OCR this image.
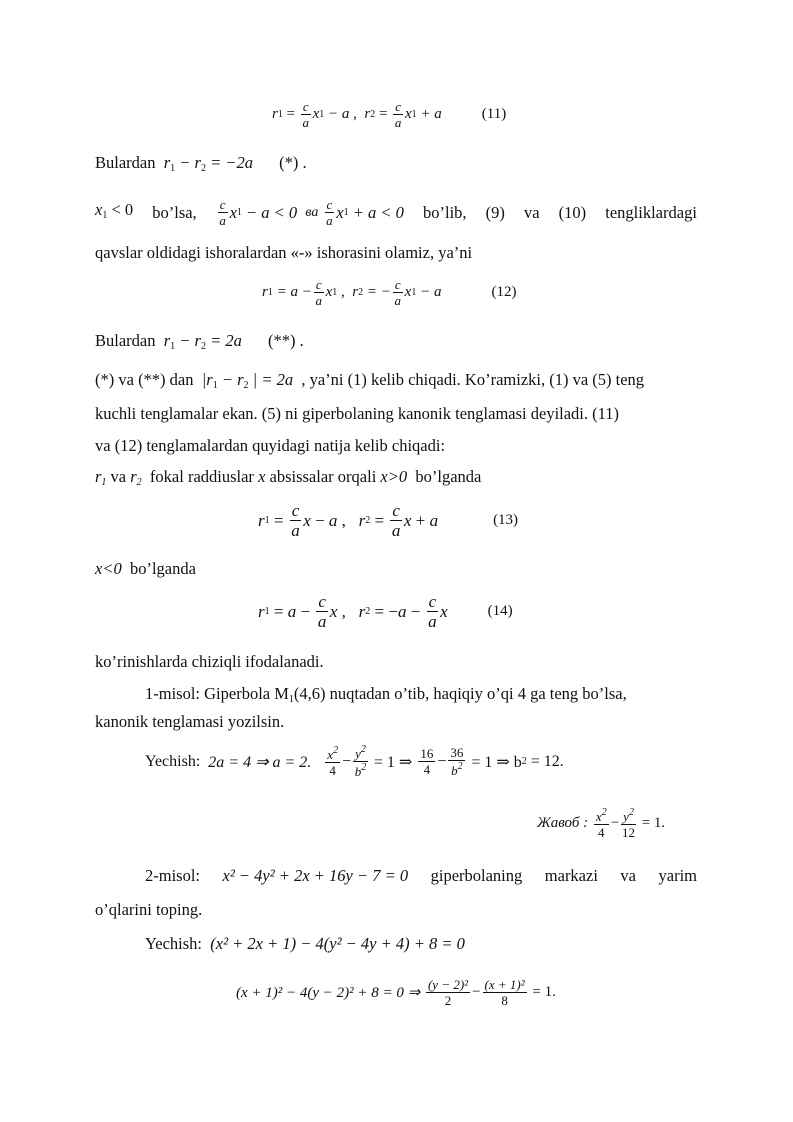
r $1 = \frac{c}{a}$ x 1
− a ,
r $2 = \frac{c}{a}$ x 1
+ a	(11)
Bulardan $r_1 - r_2 = -2a$ (*) .
$x_1 < 0$ bo’lsa, $\frac{c}{a}$ x 1
− a < 0
ва
$\frac{c}{a}$ x 1
+ a < 0 bo’lib, (9) va (10) tengliklardagi
qavslar oldidagi ishoralardan «-» ishorasini olamiz, ya’ni
r 1
= $a - \frac{c}{a}$ x 1
,
r 2
= − $\frac{c}{a}$ x 1
− a	(12)
Bulardan $r_1 - r_2 = 2a$ (**) .
(*) va (**) dan $|r_1 - r_2$ | = 2a , ya’ni (1) kelib chiqadi. Ko’ramizki, (1) va (5) teng
kuchli tenglamalar ekan. (5) ni giperbolaning kanonik tenglamasi deyiladi. (11)
va (12) tenglamalardan quyidagi natija kelib chiqadi:
$r_1$ va $r_2$ fokal raddiuslar x absissalar orqali x>0 bo’lganda
r $1 = \frac{c}{a}$ x − a , r $2 = \frac{c}{a}$ x + a	(13)
x<0 bo’lganda
r $1 = a - \frac{c}{a}$ x , r 2 = − $a - \frac{c}{a}$ x	(14)
ko’rinishlarda chiziqli ifodalanadi.
1-misol: Giperbola $M_1(4,6)$ nuqtadan o’tib, haqiqiy o’qi 4 ga teng bo’lsa,
kanonik tenglamasi yozilsin.
Yechish:
2a = 4 ⇒ a = 2.
$\frac{x^2}{4} - \frac{y^2}{b^2}$
= 1 ⇒
$\frac{16}{4} - \frac{36}{b^2}$
= 1 ⇒ b 2
= 12.
Жавоб :
$\frac{x^2}{4} - \frac{y^2}{12}$
= 1.
2-misol: x² − 4y² + 2x + 16y − 7 = 0 giperbolaning markazi va yarim
o’qlarini toping.
Yechish: (x² + 2x + 1) − 4(y² − 4y + 4) + 8 = 0
(x + 1)² − 4(y − 2)² + 8 = 0 ⇒
$\frac{\text{(y − 2)²}}{2} - \frac{\text{(x + 1)²}}{8}$
= 1.
